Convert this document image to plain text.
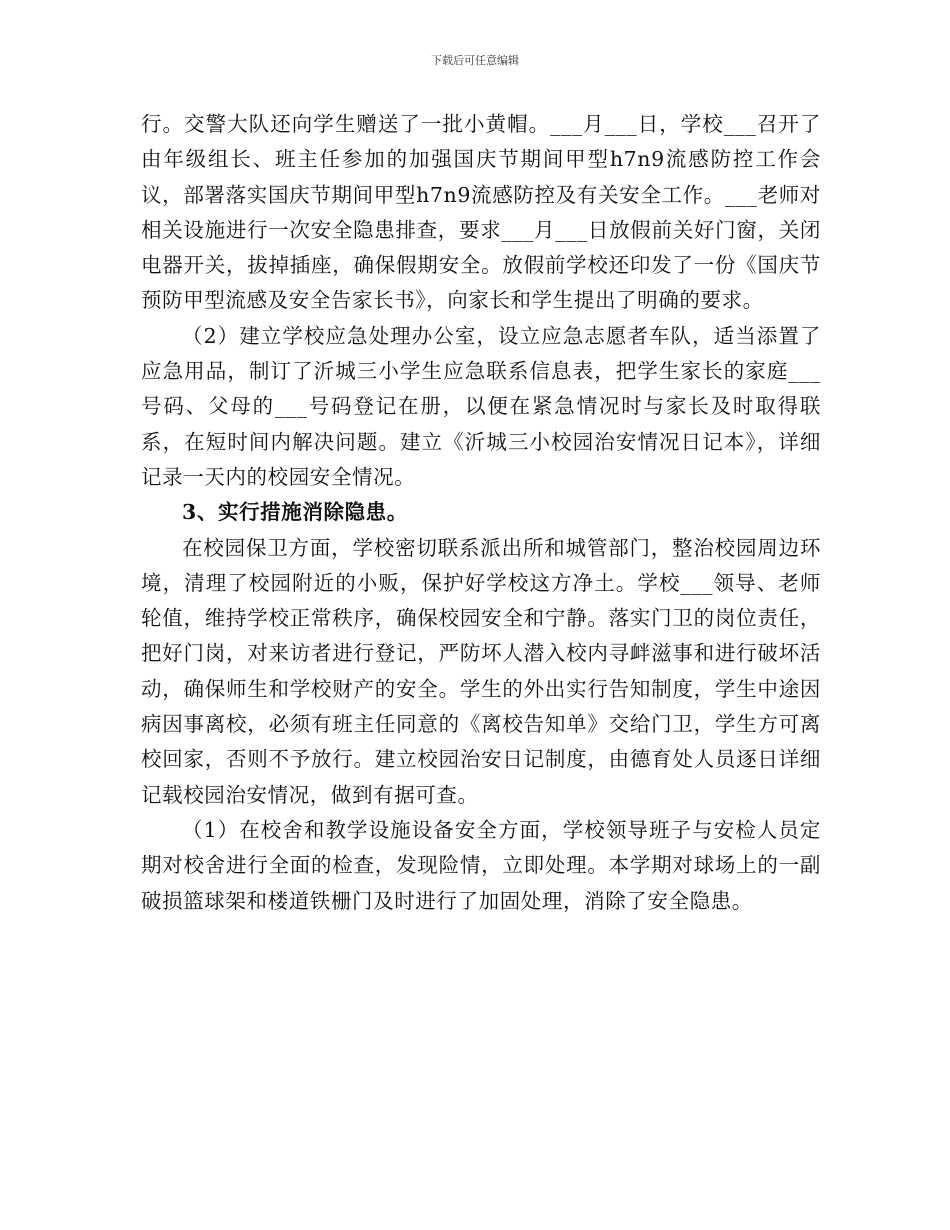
下载后可任意编辑

行。交警大队还向学生赠送了一批小黄帽。___月___日，学校___召开了由年级组长、班主任参加的加强国庆节期间甲型h7n9流感防控工作会议，部署落实国庆节期间甲型h7n9流感防控及有关安全工作。___老师对相关设施进行一次安全隐患排查，要求___月___日放假前关好门窗，关闭电器开关，拔掉插座，确保假期安全。放假前学校还印发了一份《国庆节预防甲型流感及安全告家长书》，向家长和学生提出了明确的要求。

（2）建立学校应急处理办公室，设立应急志愿者车队，适当添置了应急用品，制订了沂城三小学生应急联系信息表，把学生家长的家庭___号码、父母的___号码登记在册，以便在紧急情况时与家长及时取得联系，在短时间内解决问题。建立《沂城三小校园治安情况日记本》，详细记录一天内的校园安全情况。

3、实行措施消除隐患。

在校园保卫方面，学校密切联系派出所和城管部门，整治校园周边环境，清理了校园附近的小贩，保护好学校这方净土。学校___领导、老师轮值，维持学校正常秩序，确保校园安全和宁静。落实门卫的岗位责任，把好门岗，对来访者进行登记，严防坏人潜入校内寻衅滋事和进行破坏活动，确保师生和学校财产的安全。学生的外出实行告知制度，学生中途因病因事离校，必须有班主任同意的《离校告知单》交给门卫，学生方可离校回家，否则不予放行。建立校园治安日记制度，由德育处人员逐日详细记载校园治安情况，做到有据可查。

（1）在校舍和教学设施设备安全方面，学校领导班子与安检人员定期对校舍进行全面的检查，发现险情，立即处理。本学期对球场上的一副破损篮球架和楼道铁栅门及时进行了加固处理，消除了安全隐患。
